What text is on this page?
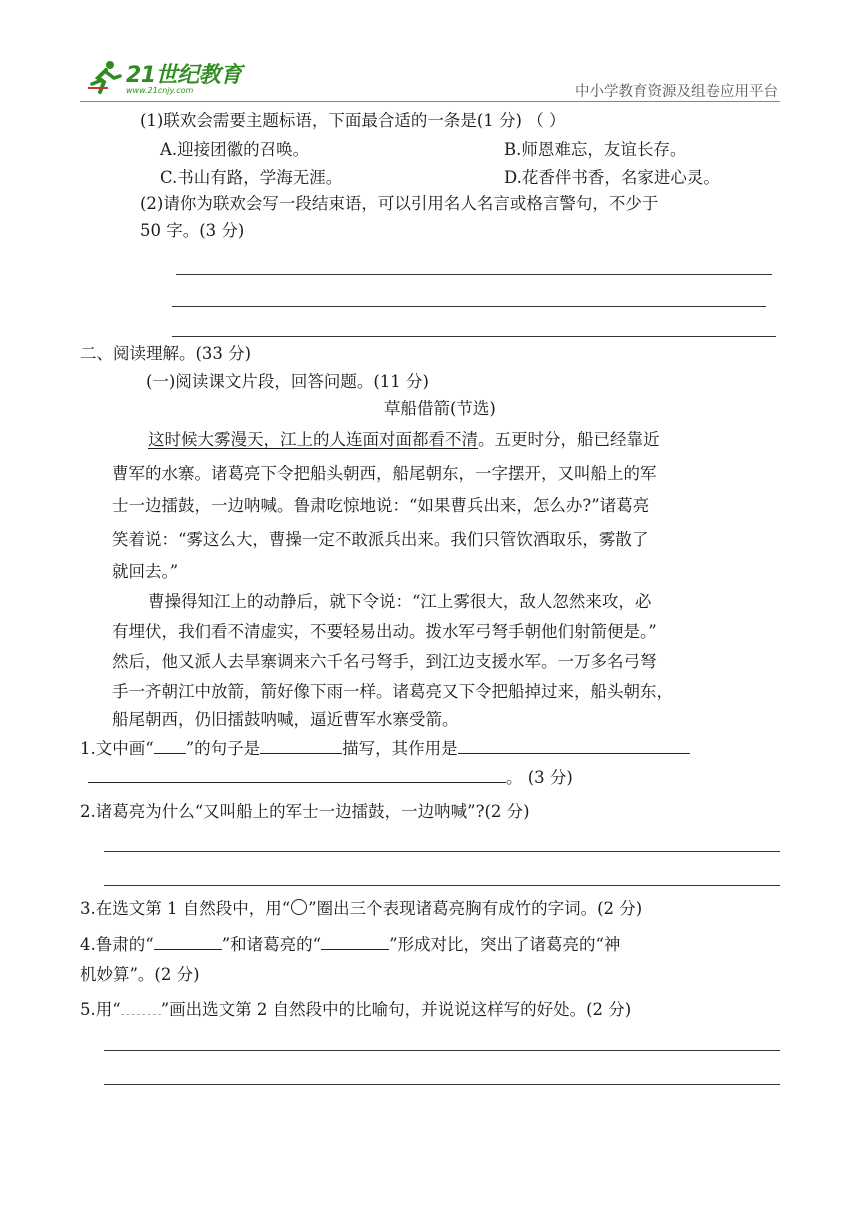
21世纪教育
www.21cnjy.com	中小学教育资源及组卷应用平台
(1)联欢会需要主题标语，下面最合适的一条是(1 分) （ ）
A.迎接团徽的召唤。	B.师恩难忘，友谊长存。
C.书山有路，学海无涯。	D.花香伴书香，名家进心灵。
(2)请你为联欢会写一段结束语，可以引用名人名言或格言警句，不少于
50 字。(3 分)
二、阅读理解。(33 分)
(一)阅读课文片段，回答问题。(11 分)
草船借箭(节选)
这时候大雾漫天，江上的人连面对面都看不清。五更时分，船已经靠近
曹军的水寨。诸葛亮下令把船头朝西，船尾朝东，一字摆开，又叫船上的军
士一边擂鼓，一边呐喊。鲁肃吃惊地说：“如果曹兵出来，怎么办?”诸葛亮
笑着说：“雾这么大，曹操一定不敢派兵出来。我们只管饮酒取乐，雾散了
就回去。”
曹操得知江上的动静后，就下令说：“江上雾很大，敌人忽然来攻，必
有埋伏，我们看不清虚实，不要轻易出动。拨水军弓弩手朝他们射箭便是。”
然后，他又派人去旱寨调来六千名弓弩手，到江边支援水军。一万多名弓弩
手一齐朝江中放箭，箭好像下雨一样。诸葛亮又下令把船掉过来，船头朝东，
船尾朝西，仍旧擂鼓呐喊，逼近曹军水寨受箭。
1.文中画“ ”的句子是	描写，其作用是
。 (3 分)
2.诸葛亮为什么“又叫船上的军士一边擂鼓，一边呐喊”?(2 分)
3.在选文第 1 自然段中，用“ ”圈出三个表现诸葛亮胸有成竹的字词。(2 分)
4.鲁肃的“	”和诸葛亮的“	”形成对比，突出了诸葛亮的“神
机妙算”。(2 分)
5.用“ ”画出选文第 2 自然段中的比喻句，并说说这样写的好处。(2 分)
